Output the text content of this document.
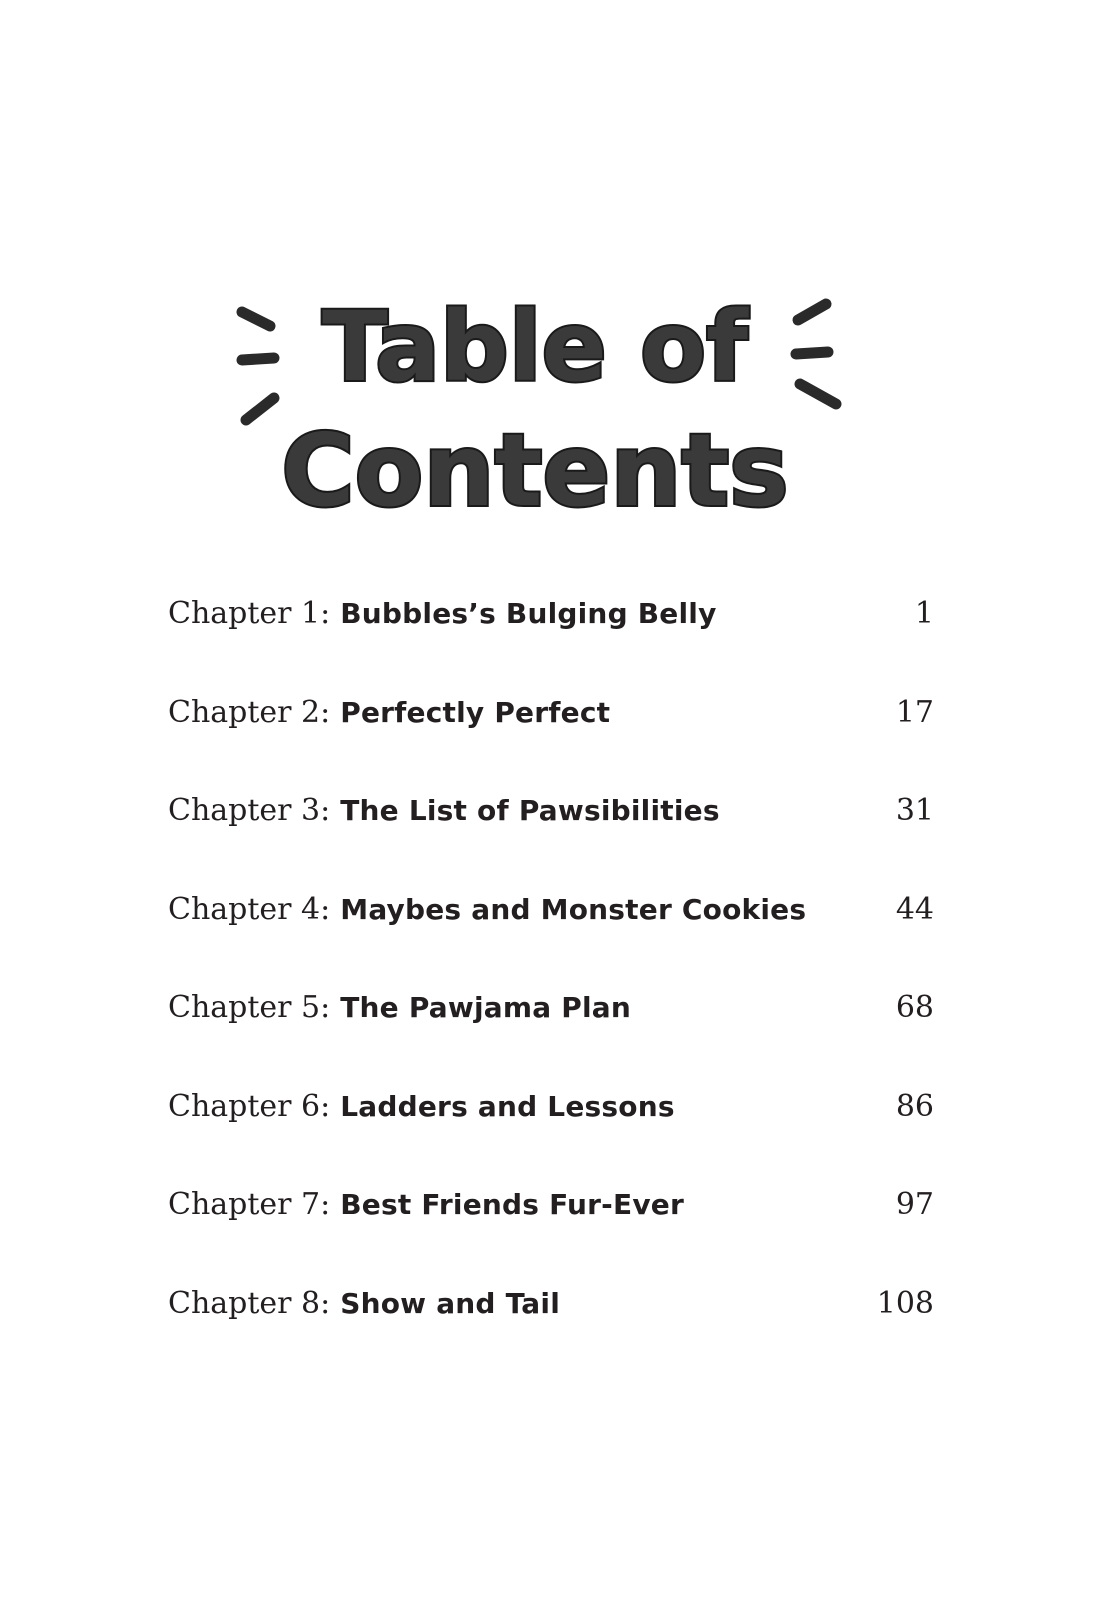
Table of
Contents
Chapter 1: Bubbles’s Bulging Belly	1
Chapter 2: Perfectly Perfect	17
Chapter 3: The List of Pawsibilities	31
Chapter 4: Maybes and Monster Cookies	44
Chapter 5: The Pawjama Plan	68
Chapter 6: Ladders and Lessons	86
Chapter 7: Best Friends Fur-Ever	97
Chapter 8: Show and Tail	108
